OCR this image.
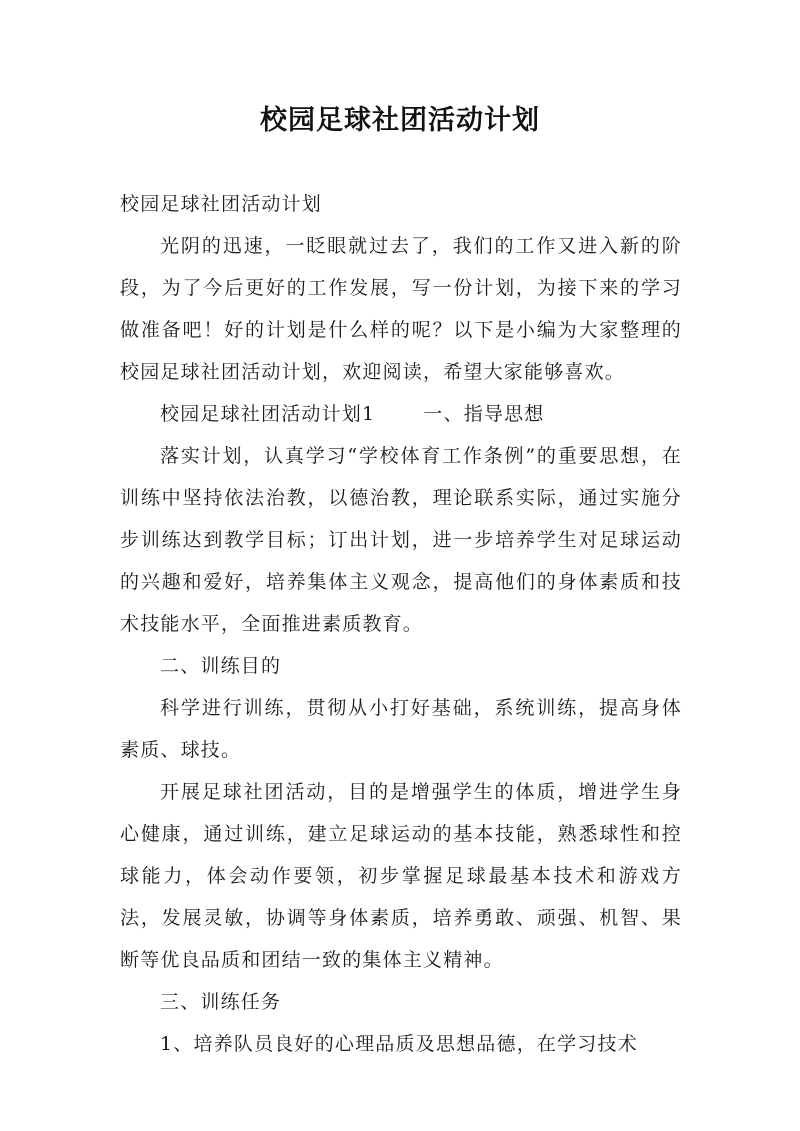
校园足球社团活动计划

校园足球社团活动计划

光阴的迅速，一眨眼就过去了，我们的工作又进入新的阶段，为了今后更好的工作发展，写一份计划，为接下来的学习做准备吧！好的计划是什么样的呢？以下是小编为大家整理的校园足球社团活动计划，欢迎阅读，希望大家能够喜欢。

校园足球社团活动计划1	一、指导思想

落实计划，认真学习“学校体育工作条例”的重要思想，在训练中坚持依法治教，以德治教，理论联系实际，通过实施分步训练达到教学目标；订出计划，进一步培养学生对足球运动的兴趣和爱好，培养集体主义观念，提高他们的身体素质和技术技能水平，全面推进素质教育。

二、训练目的

科学进行训练，贯彻从小打好基础，系统训练，提高身体素质、球技。

开展足球社团活动，目的是增强学生的体质，增进学生身心健康，通过训练，建立足球运动的基本技能，熟悉球性和控球能力，体会动作要领，初步掌握足球最基本技术和游戏方法，发展灵敏，协调等身体素质，培养勇敢、顽强、机智、果断等优良品质和团结一致的集体主义精神。

三、训练任务

1、培养队员良好的心理品质及思想品德，在学习技术
